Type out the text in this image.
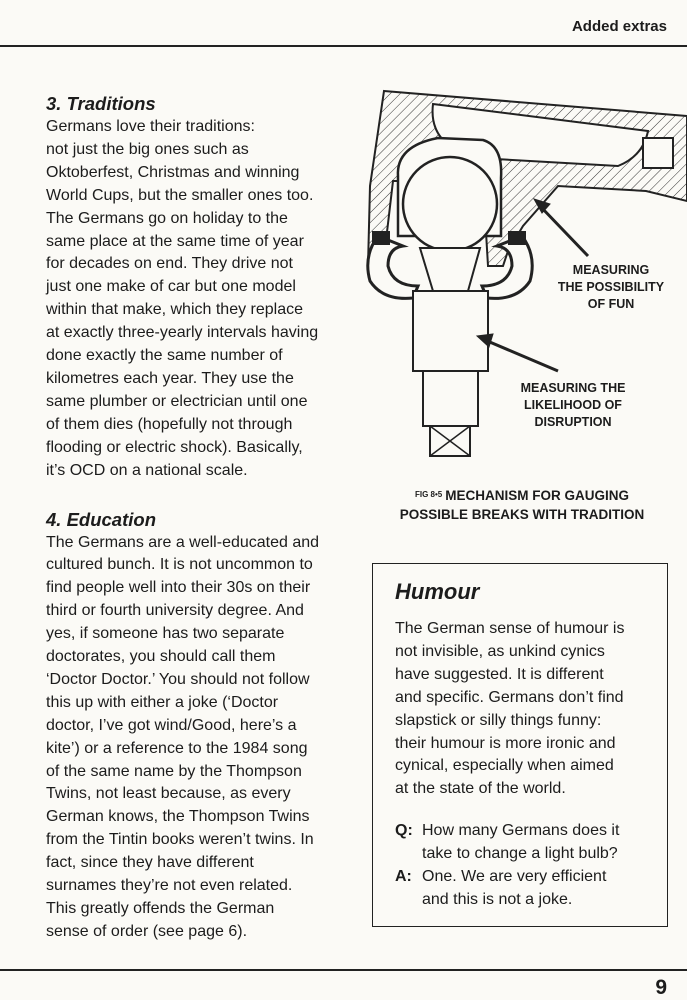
Added extras
3. Traditions

Germans love their traditions:
not just the big ones such as
Oktoberfest, Christmas and winning
World Cups, but the smaller ones too.
The Germans go on holiday to the
same place at the same time of year
for decades on end. They drive not
just one make of car but one model
within that make, which they replace
at exactly three-yearly intervals having
done exactly the same number of
kilometres each year. They use the
same plumber or electrician until one
of them dies (hopefully not through
flooding or electric shock). Basically,
it’s OCD on a national scale.

4. Education

The Germans are a well-educated and
cultured bunch. It is not uncommon to
find people well into their 30s on their
third or fourth university degree. And
yes, if someone has two separate
doctorates, you should call them
‘Doctor Doctor.’ You should not follow
this up with either a joke (‘Doctor
doctor, I’ve got wind/Good, here’s a
kite’) or a reference to the 1984 song
of the same name by the Thompson
Twins, not least because, as every
German knows, the Thompson Twins
from the Tintin books weren’t twins. In
fact, since they have different
surnames they’re not even related.
This greatly offends the German
sense of order (see page 6).

MEASURING
THE POSSIBILITY
OF FUN
MEASURING THE
LIKELIHOOD OF
DISRUPTION
$^{FIG 8•5}$ MECHANISM FOR GAUGING
POSSIBLE BREAKS WITH TRADITION
Humour
The German sense of humour is
not invisible, as unkind cynics
have suggested. It is different
and specific. Germans don’t find
slapstick or silly things funny:
their humour is more ironic and
cynical, especially when aimed
at the state of the world.
Q: How many Germans does it
take to change a light bulb?
A: One. We are very efficient
and this is not a joke.
9
